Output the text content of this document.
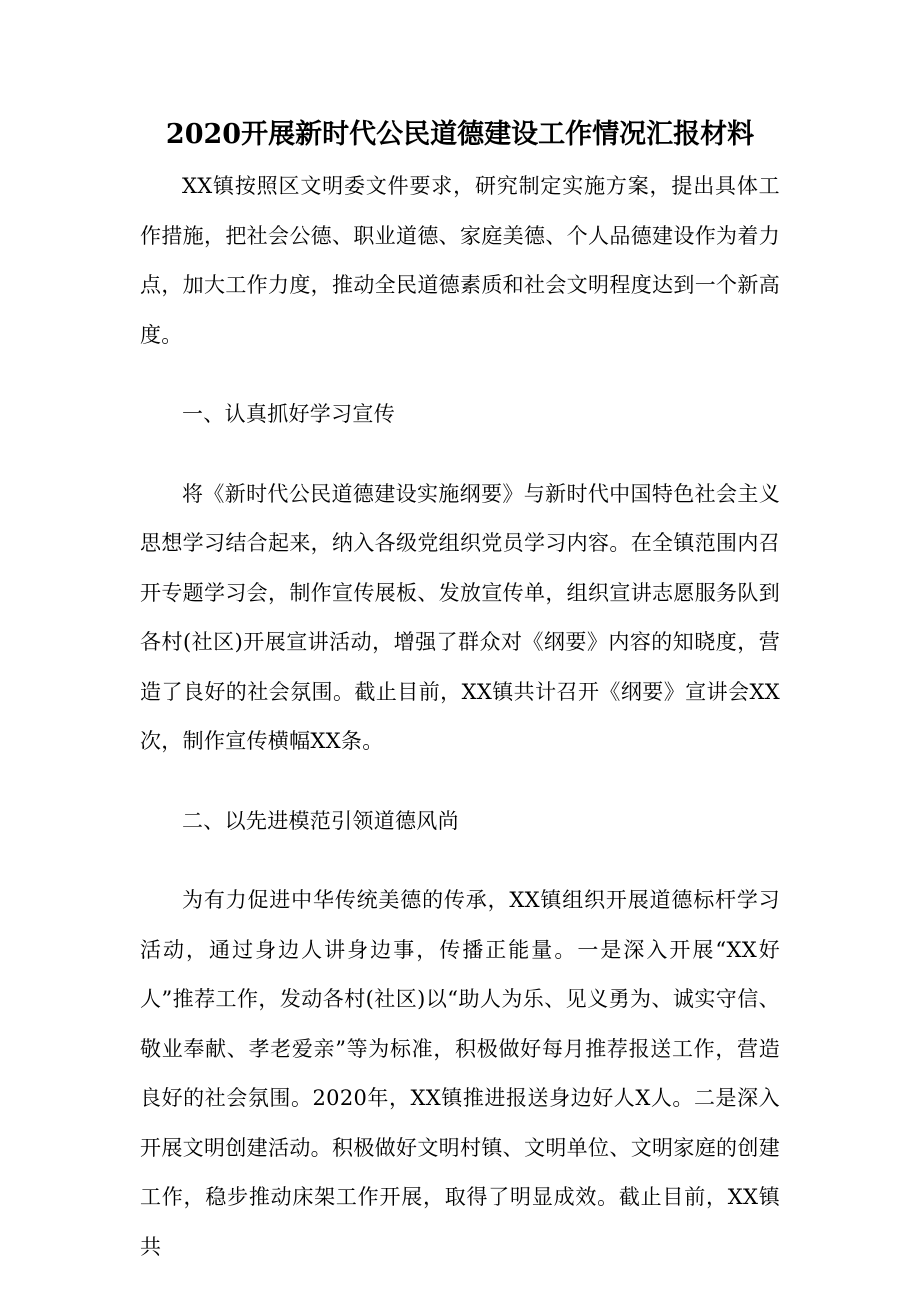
2020开展新时代公民道德建设工作情况汇报材料

XX镇按照区文明委文件要求，研究制定实施方案，提出具体工作措施，把社会公德、职业道德、家庭美德、个人品德建设作为着力点，加大工作力度，推动全民道德素质和社会文明程度达到一个新高度。

一、认真抓好学习宣传

将《新时代公民道德建设实施纲要》与新时代中国特色社会主义思想学习结合起来，纳入各级党组织党员学习内容。在全镇范围内召开专题学习会，制作宣传展板、发放宣传单，组织宣讲志愿服务队到各村(社区)开展宣讲活动，增强了群众对《纲要》内容的知晓度，营造了良好的社会氛围。截止目前，XX镇共计召开《纲要》宣讲会XX次，制作宣传横幅XX条。

二、以先进模范引领道德风尚

为有力促进中华传统美德的传承，XX镇组织开展道德标杆学习活动，通过身边人讲身边事，传播正能量。一是深入开展“XX好人”推荐工作，发动各村(社区)以“助人为乐、见义勇为、诚实守信、敬业奉献、孝老爱亲”等为标准，积极做好每月推荐报送工作，营造良好的社会氛围。2020年，XX镇推进报送身边好人X人。二是深入开展文明创建活动。积极做好文明村镇、文明单位、文明家庭的创建工作，稳步推动床架工作开展，取得了明显成效。截止目前，XX镇共
